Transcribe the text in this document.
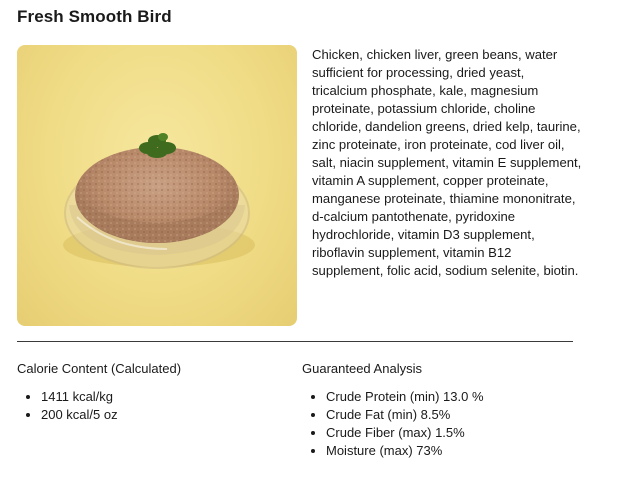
Fresh Smooth Bird

Chicken, chicken liver, green beans, water sufficient for processing, dried yeast, tricalcium phosphate, kale, magnesium proteinate, potassium chloride, choline chloride, dandelion greens, dried kelp, taurine, zinc proteinate, iron proteinate, cod liver oil, salt, niacin supplement, vitamin E supplement, vitamin A supplement, copper proteinate, manganese proteinate, thiamine mononitrate, d-calcium pantothenate, pyridoxine hydrochloride, vitamin D3 supplement, riboflavin supplement, vitamin B12 supplement, folic acid, sodium selenite, biotin.

Calorie Content (Calculated)
• 1411 kcal/kg
• 200 kcal/5 oz
Guaranteed Analysis
• Crude Protein (min) 13.0 %
• Crude Fat (min) 8.5%
• Crude Fiber (max) 1.5%
• Moisture (max) 73%
